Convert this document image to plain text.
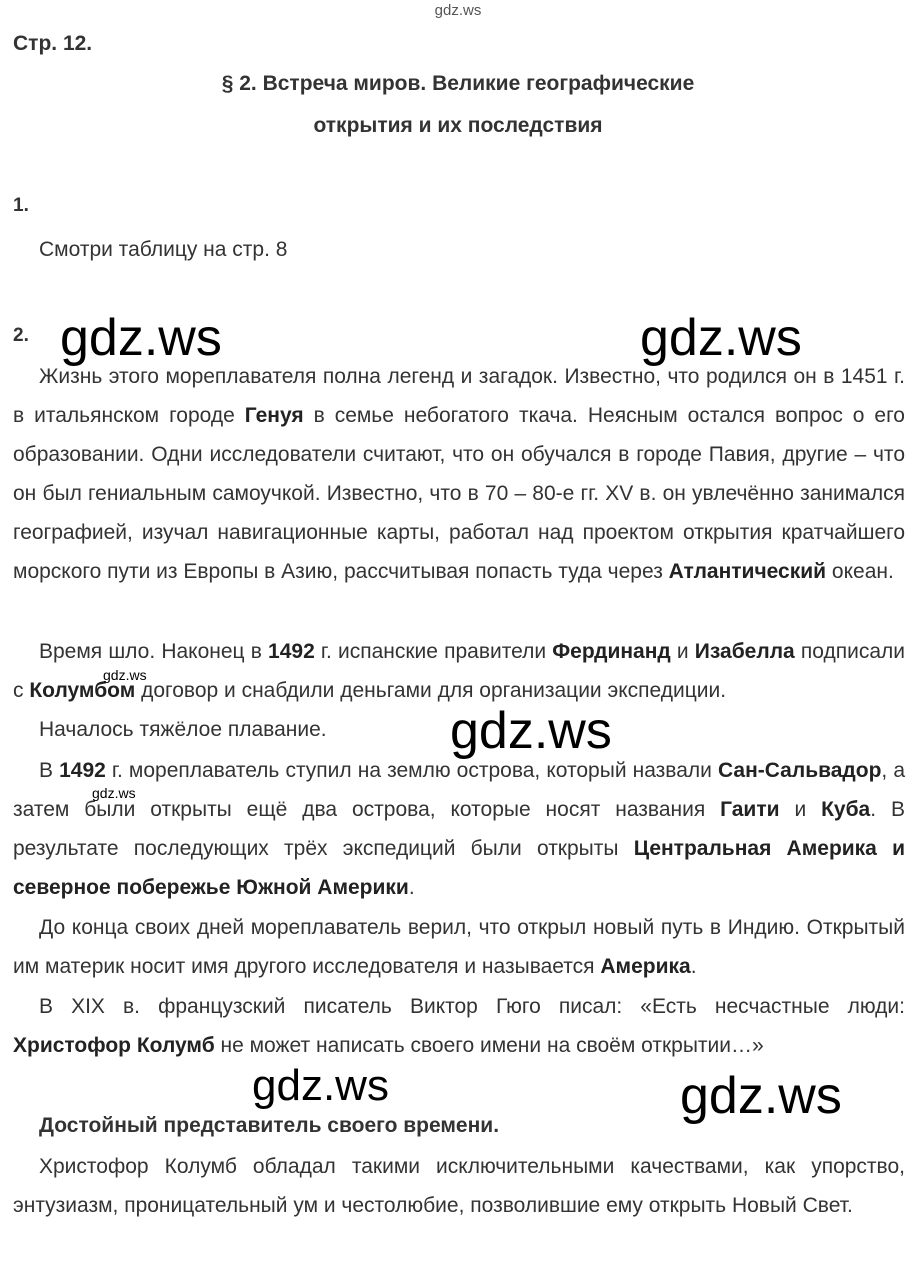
gdz.ws
Стр. 12.
§ 2. Встреча миров. Великие географические
открытия и их последствия
1.
Смотри таблицу на стр. 8
2.

Жизнь этого мореплавателя полна легенд и загадок. Известно, что родился он в 1451 г. в итальянском городе Генуя в семье небогатого ткача. Неясным остался вопрос о его образовании. Одни исследователи считают, что он обучался в городе Павия, другие – что он был гениальным самоучкой. Известно, что в 70 – 80-е гг. XV в. он увлечённо занимался географией, изучал навигационные карты, работал над проектом открытия кратчайшего морского пути из Европы в Азию, рассчитывая попасть туда через Атлантический океан.

Время шло. Наконец в 1492 г. испанские правители Фердинанд и Изабелла подписали с Колумбом договор и снабдили деньгами для организации экспедиции.

Началось тяжёлое плавание.

В 1492 г. мореплаватель ступил на землю острова, который назвали Сан-Сальвадор, а затем были открыты ещё два острова, которые носят названия Гаити и Куба. В результате последующих трёх экспедиций были открыты Центральная Америка и северное побережье Южной Америки.

До конца своих дней мореплаватель верил, что открыл новый путь в Индию. Открытый им материк носит имя другого исследователя и называется Америка.

В XIX в. французский писатель Виктор Гюго писал: «Есть несчастные люди: Христофор Колумб не может написать своего имени на своём открытии…»

Достойный представитель своего времени.

Христофор Колумб обладал такими исключительными качествами, как упорство, энтузиазм, проницательный ум и честолюбие, позволившие ему открыть Новый Свет.

gdz.ws	gdz.ws
gdz.ws
gdz.ws
gdz.ws
gdz.ws	gdz.ws
